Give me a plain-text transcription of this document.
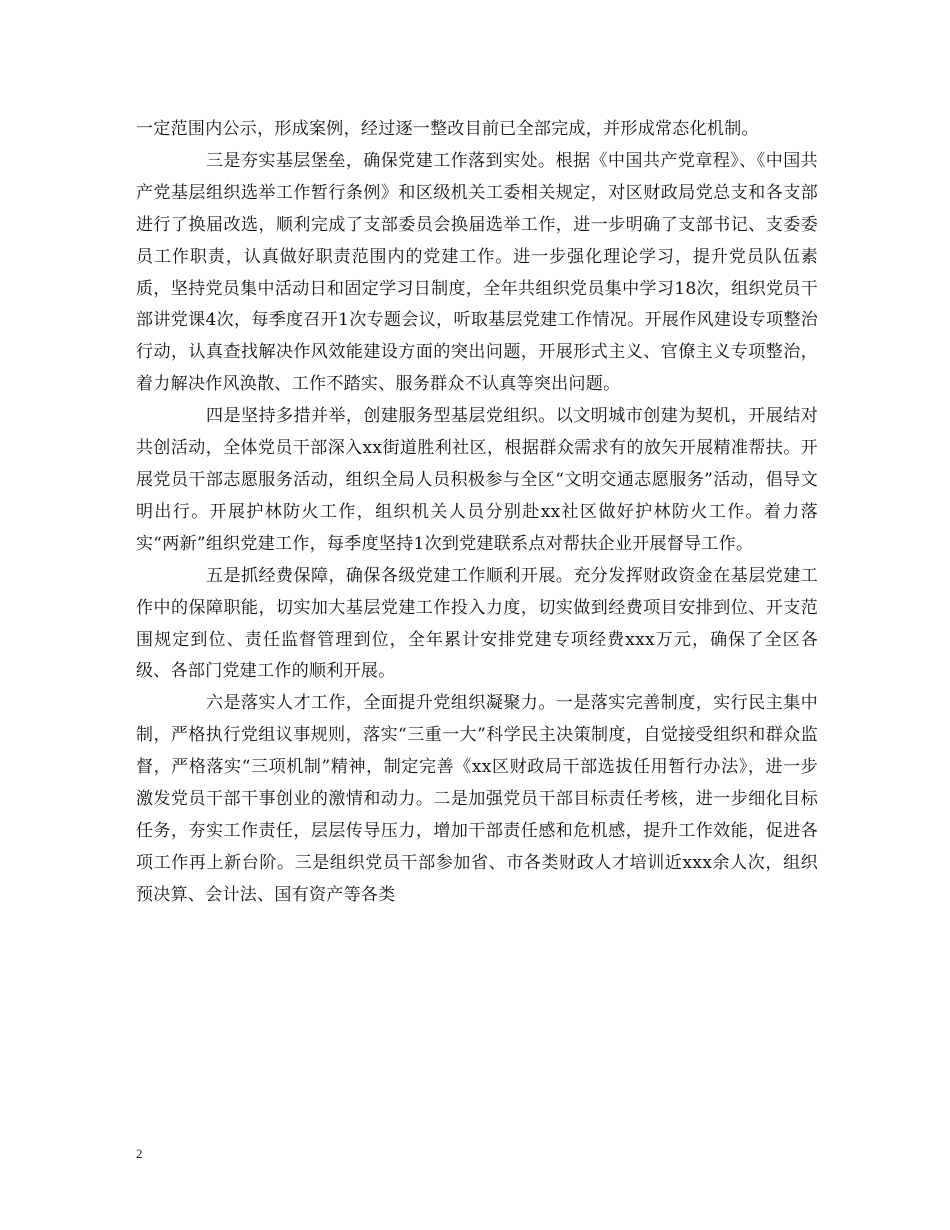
一定范围内公示，形成案例，经过逐一整改目前已全部完成，并形成常态化机制。

三是夯实基层堡垒，确保党建工作落到实处。根据《中国共产党章程》、《中国共产党基层组织选举工作暂行条例》和区级机关工委相关规定，对区财政局党总支和各支部进行了换届改选，顺利完成了支部委员会换届选举工作，进一步明确了支部书记、支委委员工作职责，认真做好职责范围内的党建工作。进一步强化理论学习，提升党员队伍素质，坚持党员集中活动日和固定学习日制度，全年共组织党员集中学习18次，组织党员干部讲党课4次，每季度召开1次专题会议，听取基层党建工作情况。开展作风建设专项整治行动，认真查找解决作风效能建设方面的突出问题，开展形式主义、官僚主义专项整治，着力解决作风涣散、工作不踏实、服务群众不认真等突出问题。

四是坚持多措并举，创建服务型基层党组织。以文明城市创建为契机，开展结对共创活动，全体党员干部深入xx街道胜利社区，根据群众需求有的放矢开展精准帮扶。开展党员干部志愿服务活动，组织全局人员积极参与全区“文明交通志愿服务”活动，倡导文明出行。开展护林防火工作，组织机关人员分别赴xx社区做好护林防火工作。着力落实“两新”组织党建工作，每季度坚持1次到党建联系点对帮扶企业开展督导工作。

五是抓经费保障，确保各级党建工作顺利开展。充分发挥财政资金在基层党建工作中的保障职能，切实加大基层党建工作投入力度，切实做到经费项目安排到位、开支范围规定到位、责任监督管理到位，全年累计安排党建专项经费xxx万元，确保了全区各级、各部门党建工作的顺利开展。

六是落实人才工作，全面提升党组织凝聚力。一是落实完善制度，实行民主集中制，严格执行党组议事规则，落实“三重一大”科学民主决策制度，自觉接受组织和群众监督，严格落实“三项机制”精神，制定完善《xx区财政局干部选拔任用暂行办法》，进一步激发党员干部干事创业的激情和动力。二是加强党员干部目标责任考核，进一步细化目标任务，夯实工作责任，层层传导压力，增加干部责任感和危机感，提升工作效能，促进各项工作再上新台阶。三是组织党员干部参加省、市各类财政人才培训近xxx余人次，组织预决算、会计法、国有资产等各类

2
